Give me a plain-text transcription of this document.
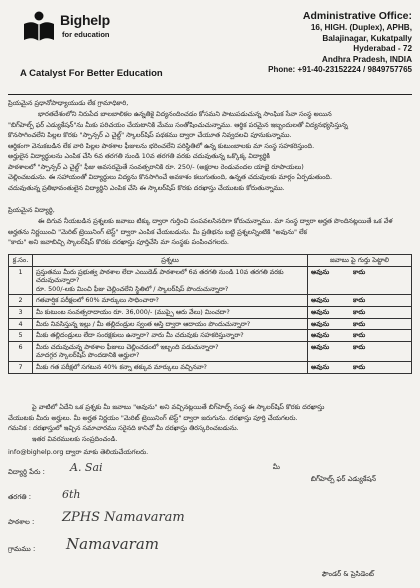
Bighelp
for education
A Catalyst For Better Education
Administrative Office:
16, HIGH. (Duplex), APHB,
Balajinagar, Kukatpally
Hyderabad - 72
Andhra Pradesh, INDIA
Phone: +91-40-23152224 / 9849757765
ప్రియమైన ప్రధానోపాధ్యాయుడు లేక గ్రామాధికారి,
భారతదేశంలోని నిరుపేద బాలబాలికల ఉన్నతికై విద్యనందించడం కోసమని పాటుపడుచున్న సాంఘిక సేవా సంస్థ అయిన
"బిగ్‌హెల్ప్ ఫర్ ఎడ్యుకేషన్"ను మీకు పరిచయం చేయటానికి మేము సంతోషించుచున్నాము. ఆర్థిక పరమైన ఇబ్బందులతో విద్యనభ్యసిస్తున్న
కొనసాగించలేని పిల్లల కొరకు "స్పాన్సర్ ఎ చైల్డ్" స్కాలర్‌షిప్ పథకము ద్వారా చేయూత నివ్వదలచి పూనుకున్నాము.
ఆర్థికంగా వెనుకబడిన లేక వారి పిల్లల పాఠశాల ఫీజులను భరించలేని పరిస్థితిలో ఉన్న కుటుంబాలకు మా సంస్థ సహకరిస్తుంది.
అర్హులైన విద్యార్థులను ఎంపిక చేసి 6వ తరగతి నుండి 10వ తరగతి వరకు చదువుతున్న ఒక్కొక్క విద్యార్థికి
పాఠశాలలో "స్పాన్సర్ ఎ చైల్డ్" ఫీజు అవసరమైతే సంవత్సరానికి రూ. 250/- (అక్షరాల రెండువందల యాభై రూపాయలు)
చెల్లించబడును. ఈ సహాయంతో విద్యార్థులు విద్యను కొనసాగించే అవకాశం కలుగుతుంది, ఉన్నత చదువులకు మార్గం ఏర్పడుతుంది.
చదువుతున్న ప్రతిభావంతులైన విద్యార్థిని ఎంపిక చేసి ఈ స్కాలర్‌షిప్ కొరకు దరఖాస్తు చేయుటకు కోరుతున్నాము.
ప్రియమైన విద్యార్థి,
ఈ దిగువ నీయబడిన ప్రశ్నలకు జవాబు టిక్కు ద్వారా గుర్తించి పంపవలసినదిగా కోరుచున్నాము. మా సంస్థ ద్వారా అర్హత పొందినట్లయితే ఒక వేళ
అర్హతను నిర్ణయించి "మెరిట్ ట్రెయినింగ్ టెస్ట్" ద్వారా ఎంపిక చేయబడును. మీ ప్రతిభను బట్టి ప్రశ్నలన్నింటికి "అవును" లేక
"కాదు" అని జవాబిచ్చి స్కాలర్‌షిప్ కొరకు దరఖాస్తు పూర్తిచేసి మా సంస్థకు పంపించగలరు.
క్ర.సం.	ప్రశ్నలు	జవాబు పై గుర్తు పెట్టాలి
1	ప్రస్తుతము మీరు ప్రభుత్వ పాఠశాల లేదా ఎయిడెడ్ పాఠశాలలో 6వ తరగతి నుండి 10వ తరగతి వరకు చదువుచున్నారా?
రూ. 500/-లకు మించి ఫీజు చెల్లించలేని స్థితిలో / స్కాలర్‌షిప్ పొందుచున్నారా?	అవును కాదు
2	గతవార్షిక పరీక్షలలో 60% మార్కులు సాధించారా?	అవును కాదు
3	మీ కుటుంబ సంవత్సరాదాయం రూ. 36,000/- (ముప్పై ఆరు వేలు) మించదా?	అవును కాదు
4	మీరు నివసిస్తున్న ఇల్లు / మీ తల్లిదండ్రుల స్వంత ఆస్తి ద్వారా ఆదాయం పొందుచున్నారా?	అవును కాదు
5	మీకు తల్లిదండ్రులు లేదా సంరక్షకులు ఉన్నారా? వారు మీ చదువుకు సహకరిస్తున్నారా?	అవును కాదు
6	మీరు చదువుచున్న పాఠశాల ఫీజులు చెల్లించడంలో ఇబ్బంది పడుచున్నారా?
మాదగ్గర స్కాలర్‌షిప్ పొందడానికి అర్హులా?	అవును కాదు
7	మీకు గత పరీక్షలో సగటున 40% కన్నా తక్కువ మార్కులు వచ్చినవా?	అవును కాదు
పై వాటిలో ఏదేని ఒక ప్రశ్నకు మీ జవాబు "అవును" అని వచ్చినట్లయితే బిగ్‌హెల్ప్ సంస్థ ఈ స్కాలర్‌షిప్ కొరకు దరఖాస్తు
చేయుటకు మీరు అర్హులు. మీ అర్హత నిర్ణయం "మెరిట్ ట్రెయినింగ్ టెస్ట్" ద్వారా జరుగును. దరఖాస్తు పూర్తి చేయగలరు.
గమనిక : దరఖాస్తులో ఇచ్చిన సమాచారము సరైనది కానిచో మీ దరఖాస్తు తిరస్కరించబడును.
ఇతర వివరములకు సంప్రదించండి.
info@bighelp.org ద్వారా మాకు తెలియచేయగలరు.
విద్యార్థి పేరు : A. Sai
తరగతి :	6th
పాఠశాల : ZPHS Namavaram
గ్రామము : Namavaram
మీ
బిగ్‌హెల్ప్ ఫర్ ఎడ్యుకేషన్
ఫౌండర్ & ప్రెసిడెంట్
